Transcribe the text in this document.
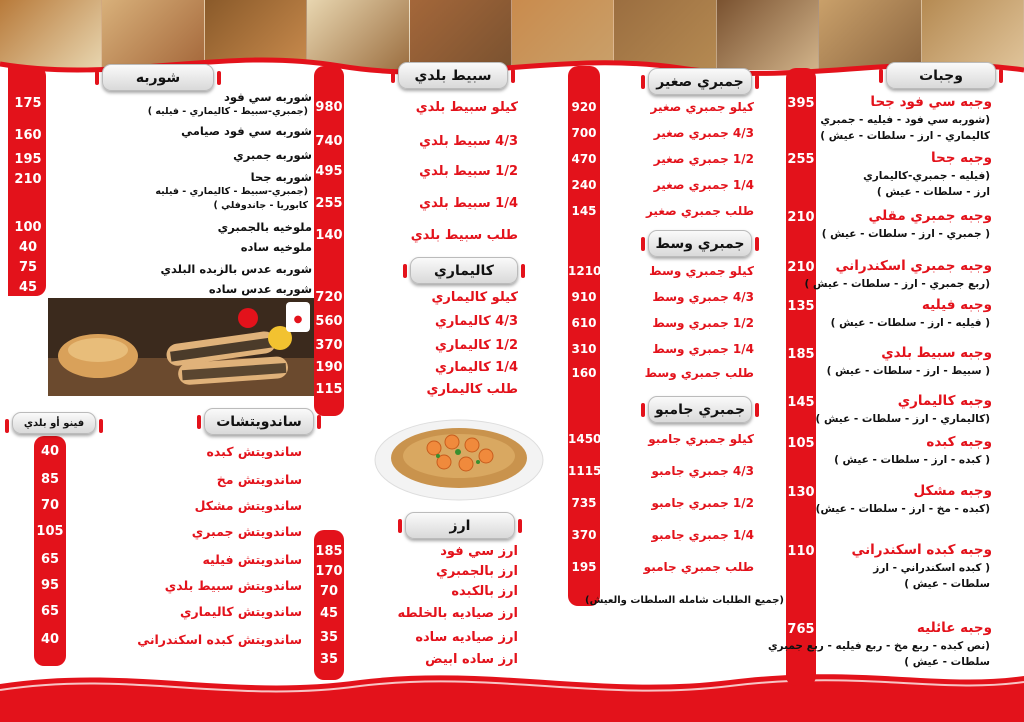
وجبات
وجبه سي فود جحا
(شوربه سي فود - فيليه - جمبري
كاليماري - ارز - سلطات - عيش )
395
وجبه جحا
(فيليه - جمبري-كاليماري
ارز - سلطات - عيش )
255
وجبه جمبري مقلي
( جمبري - ارز - سلطات - عيش )
210
وجبه جمبري اسكندراني
(ربع جمبري - ارز - سلطات - عيش )
210
وجبه فيليه
( فيليه - ارز - سلطات - عيش )
135
وجبه سبيط بلدي
( سبيط - ارز - سلطات - عيش )
185
وجبه كاليماري
(كاليماري - ارز - سلطات - عيش )
145
وجبه كبده
( كبده - ارز - سلطات - عيش )
105
وجبه مشكل
(كبده - مخ - ارز - سلطات - عيش)
130
وجبه كبده اسكندراني
( كبده اسكندراني - ارز
سلطات - عيش )
110
وجبه عائليه
(نص كبده - ربع مخ - ربع فيليه - ربع جمبري
سلطات - عيش )
765
جمبري صغير
جمبري وسط
جمبري جامبو
كيلو جمبري صغير
920
4/3 جمبري صغير
700
1/2 جمبري صغير
470
1/4 جمبري صغير
240
طلب جمبري صغير
145
كيلو جمبري وسط
1210
4/3 جمبري وسط
910
1/2 جمبري وسط
610
1/4 جمبري وسط
310
طلب جمبري وسط
160
كيلو جمبري جامبو
1450
4/3 جمبري جامبو
1115
1/2 جمبري جامبو
735
1/4 جمبري جامبو
370
طلب جمبري جامبو
195
(جميع الطلبات شامله السلطات والعيش)
سبيط بلدي
كاليماري
ارز
كيلو سبيط بلدي
980
4/3 سبيط بلدي
740
1/2 سبيط بلدي
495
1/4 سبيط بلدي
255
طلب سبيط بلدي
140
كيلو كاليماري
720
4/3 كاليماري
560
1/2 كاليماري
370
1/4 كاليماري
190
طلب كاليماري
115
ارز سي فود
185
ارز بالجمبري
170
ارز بالكبده
70
ارز صياديه بالخلطه
45
ارز صياديه ساده
35
ارز ساده ابيض
35
شوربه
ساندويتشات
فينو أو بلدي
شوربه سي فود
(جمبري-سبيط - كاليماري - فيليه )
شوربه سي فود صيامي
شوربه جمبري
شوربه جحا
(جمبري-سبيط - كاليماري - فيليه
كابوريا - جاندوفلي )
ملوخيه بالجمبري
ملوخيه ساده
شوربه عدس بالزبده البلدي
شوربه عدس ساده
175
160
195
210
100
40
75
45
ساندويتش كبده
40
ساندويتش مخ
85
ساندويتش مشكل
70
ساندويتش جمبري
105
ساندويتش فيليه
65
ساندويتش سبيط بلدي
95
ساندويتش كاليماري
65
ساندويتش كبده اسكندراني
40
●
